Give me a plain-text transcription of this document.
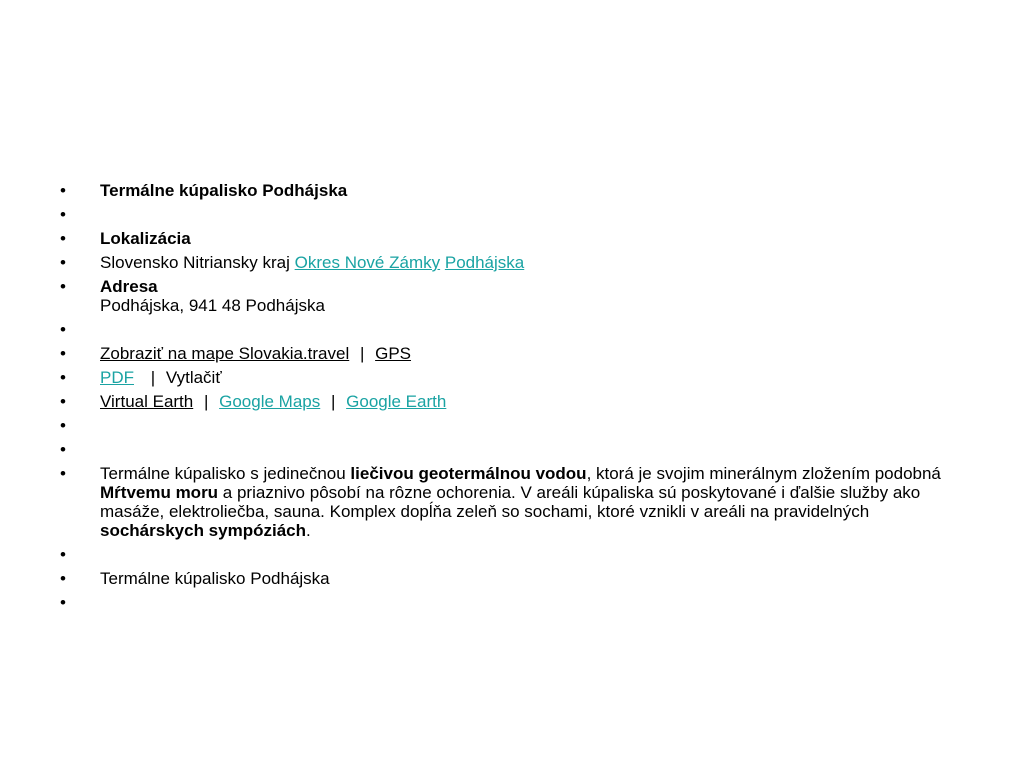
•	Termálne kúpalisko Podhájska
•
•	Lokalizácia
•	Slovensko Nitriansky kraj Okres Nové Zámky Podhájska
•	Adresa
Podhájska, 941 48 Podhájska
•
•	Zobraziť na mape Slovakia.travel | GPS
•	PDF | Vytlačiť
•	Virtual Earth | Google Maps | Google Earth
•
•
•	Termálne kúpalisko s jedinečnou liečivou geotermálnou vodou, ktorá je svojim minerálnym zložením podobná Mŕtvemu moru a priaznivo pôsobí na rôzne ochorenia. V areáli kúpaliska sú poskytované i ďalšie služby ako masáže, elektroliečba, sauna. Komplex dopĺňa zeleň so sochami, ktoré vznikli v areáli na pravidelných sochárskych sympóziách.
•
•	Termálne kúpalisko Podhájska
•
